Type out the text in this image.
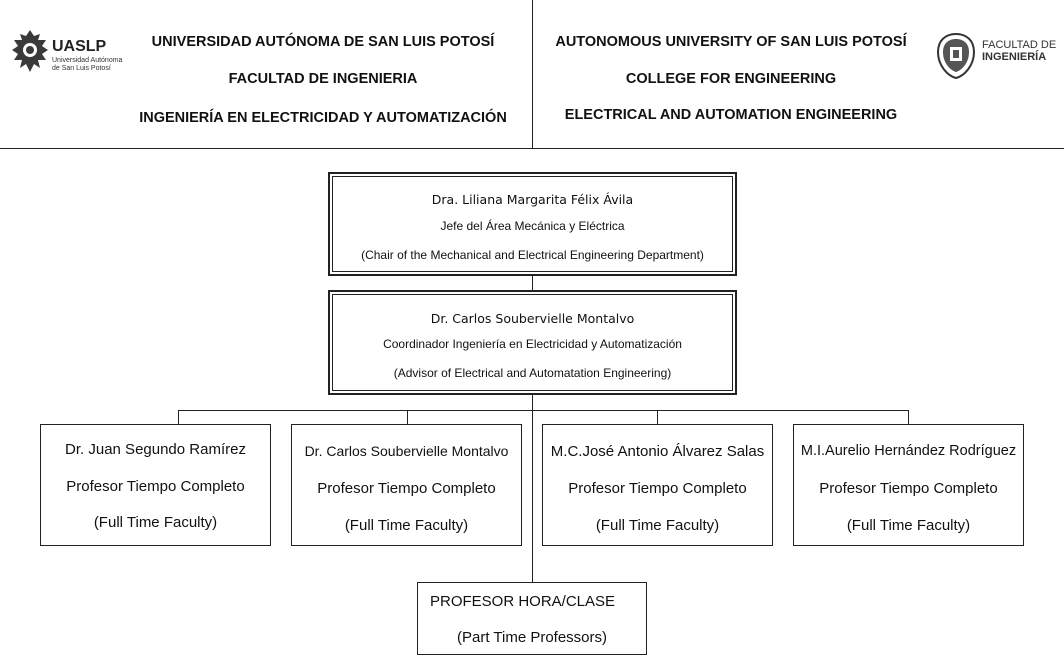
UASLP
Universidad Autónoma
de San Luis Potosí
UNIVERSIDAD AUTÓNOMA DE SAN LUIS POTOSÍ
FACULTAD DE INGENIERIA
INGENIERÍA EN ELECTRICIDAD Y AUTOMATIZACIÓN
AUTONOMOUS UNIVERSITY OF SAN LUIS POTOSÍ
COLLEGE FOR ENGINEERING
ELECTRICAL AND AUTOMATION ENGINEERING
FACULTAD DE
INGENIERÍA
Dra. Liliana Margarita Félix Ávila
Jefe del Área Mecánica y Eléctrica
(Chair of the Mechanical and Electrical Engineering Department)
Dr. Carlos Soubervielle Montalvo
Coordinador Ingeniería en Electricidad y Automatización
(Advisor of Electrical and Automatation Engineering)
Dr. Juan Segundo Ramírez
Profesor Tiempo Completo
(Full Time Faculty)
Dr. Carlos Soubervielle Montalvo
Profesor Tiempo Completo
(Full Time Faculty)
M.C.José Antonio Álvarez Salas
Profesor Tiempo Completo
(Full Time Faculty)
M.I.Aurelio Hernández Rodríguez
Profesor Tiempo Completo
(Full Time Faculty)
PROFESOR HORA/CLASE
(Part Time Professors)
